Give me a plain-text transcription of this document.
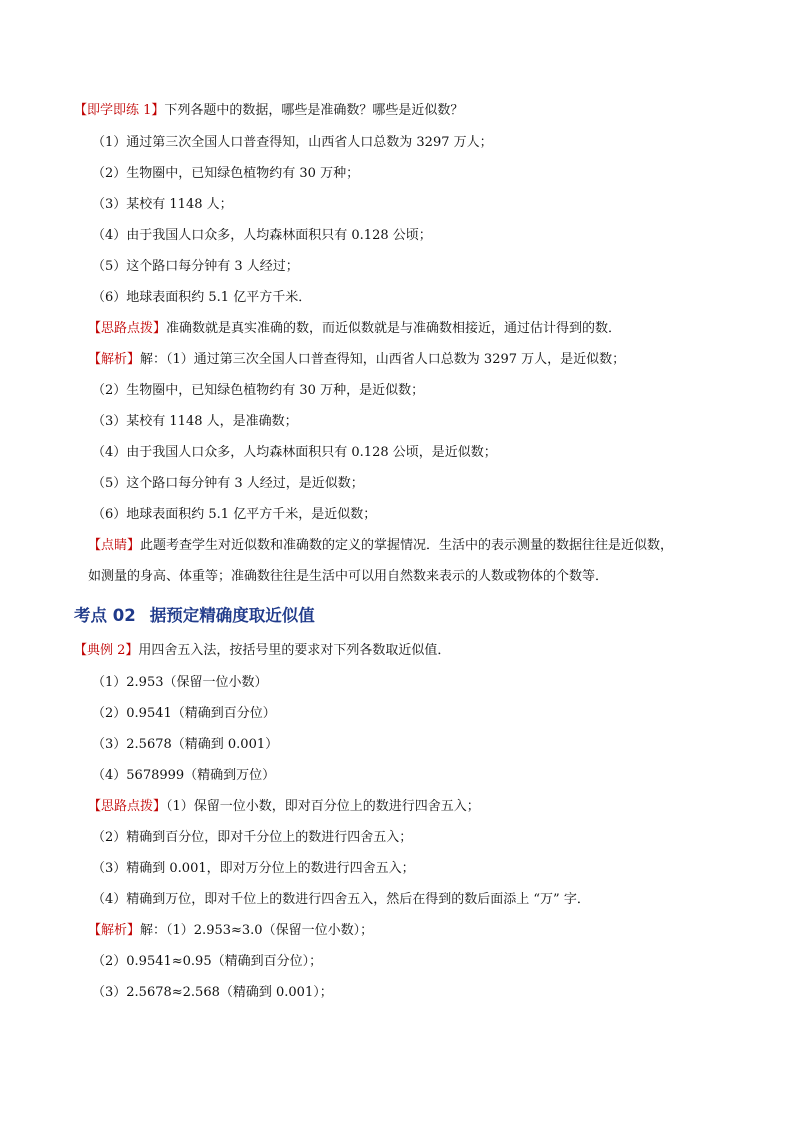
【即学即练 1】下列各题中的数据，哪些是准确数？哪些是近似数？
（1）通过第三次全国人口普查得知，山西省人口总数为 3297 万人；
（2）生物圈中，已知绿色植物约有 30 万种；
（3）某校有 1148 人；
（4）由于我国人口众多，人均森林面积只有 0.128 公顷；
（5）这个路口每分钟有 3 人经过；
（6）地球表面积约 5.1 亿平方千米．
【思路点拨】准确数就是真实准确的数，而近似数就是与准确数相接近，通过估计得到的数．
【解析】解：（1）通过第三次全国人口普查得知，山西省人口总数为 3297 万人，是近似数；
（2）生物圈中，已知绿色植物约有 30 万种，是近似数；
（3）某校有 1148 人，是准确数；
（4）由于我国人口众多，人均森林面积只有 0.128 公顷，是近似数；
（5）这个路口每分钟有 3 人经过，是近似数；
（6）地球表面积约 5.1 亿平方千米，是近似数；
【点睛】此题考查学生对近似数和准确数的定义的掌握情况．生活中的表示测量的数据往往是近似数，
如测量的身高、体重等；准确数往往是生活中可以用自然数来表示的人数或物体的个数等．
考点 02 据预定精确度取近似值
【典例 2】用四舍五入法，按括号里的要求对下列各数取近似值．
（1）2.953（保留一位小数）
（2）0.9541（精确到百分位）
（3）2.5678（精确到 0.001）
（4）5678999（精确到万位）
【思路点拨】（1）保留一位小数，即对百分位上的数进行四舍五入；
（2）精确到百分位，即对千分位上的数进行四舍五入；
（3）精确到 0.001，即对万分位上的数进行四舍五入；
（4）精确到万位，即对千位上的数进行四舍五入，然后在得到的数后面添上 “万” 字．
【解析】解：（1）2.953≈3.0（保留一位小数）；
（2）0.9541≈0.95（精确到百分位）；
（3）2.5678≈2.568（精确到 0.001）；
